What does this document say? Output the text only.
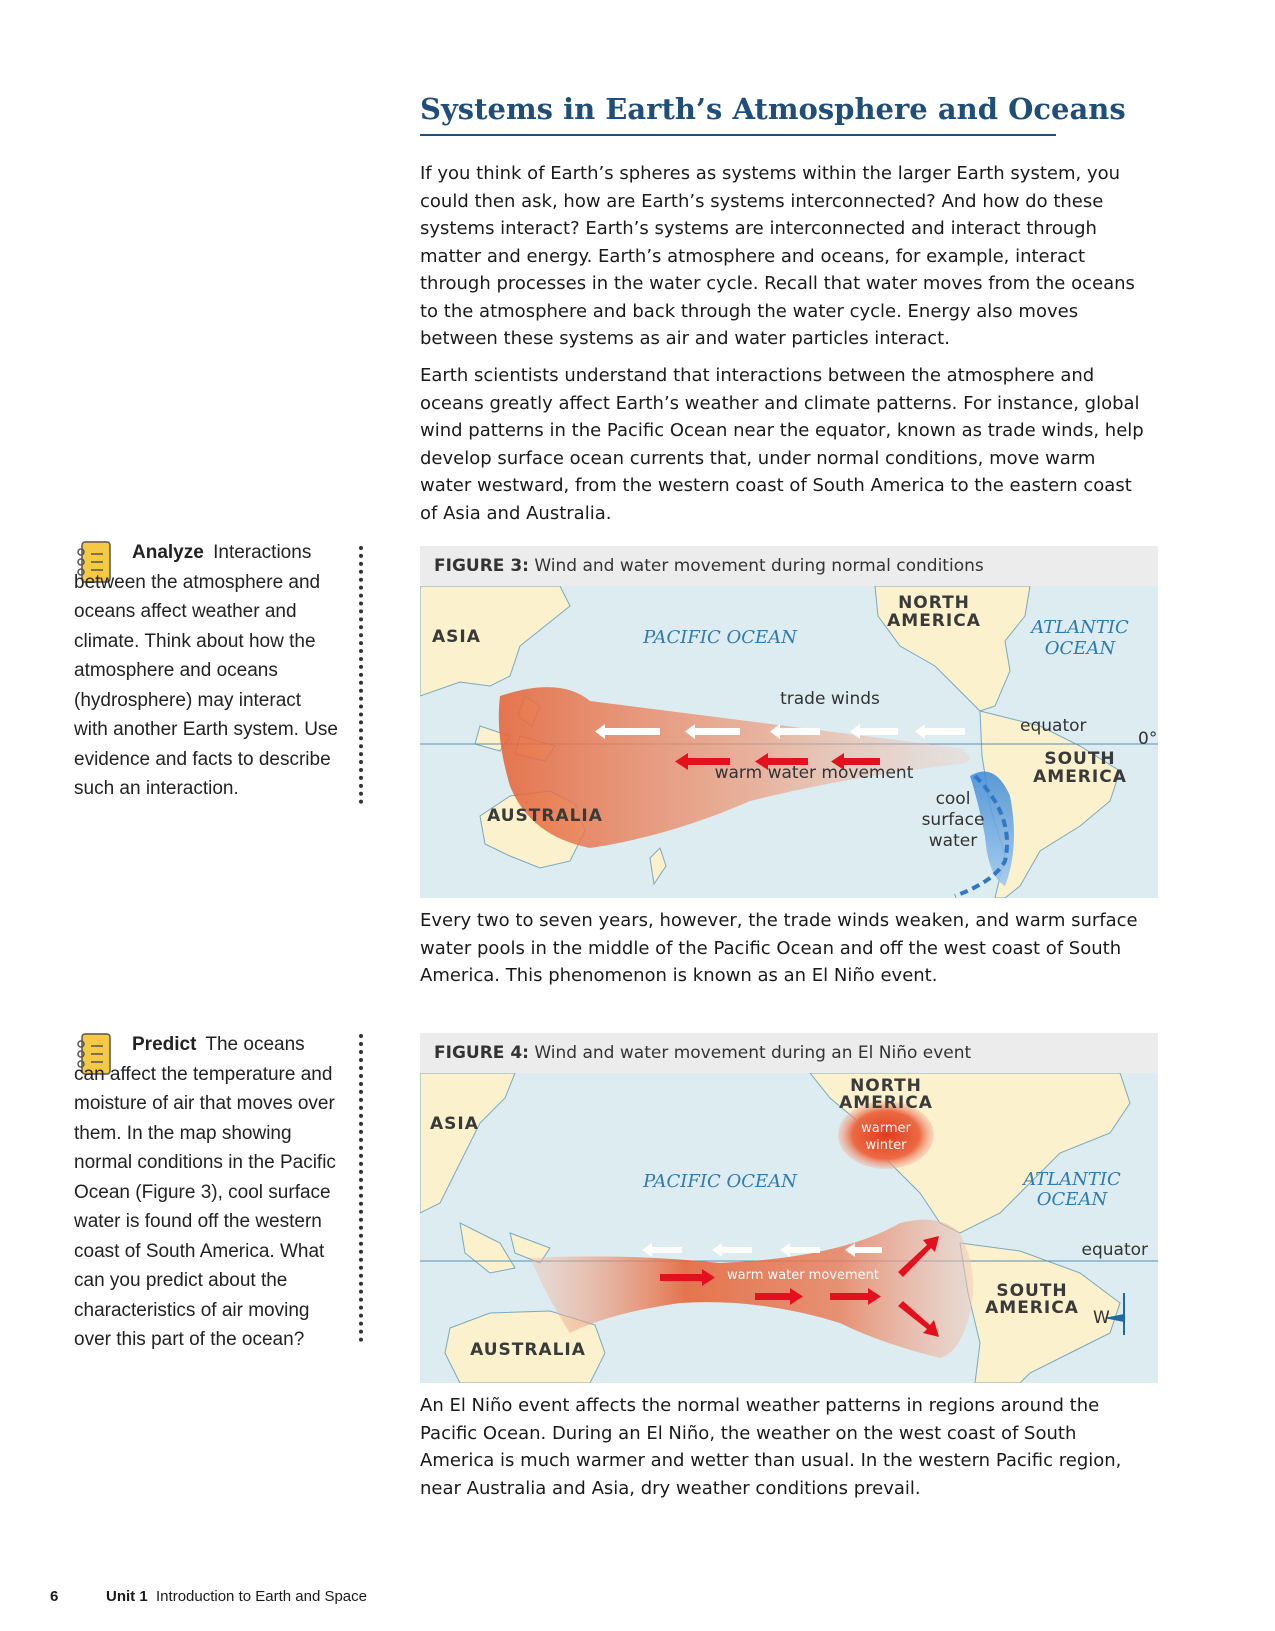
Systems in Earth’s Atmosphere and Oceans

If you think of Earth’s spheres as systems within the larger Earth system, you could then ask, how are Earth’s systems interconnected? And how do these systems interact? Earth’s systems are interconnected and interact through matter and energy. Earth’s atmosphere and oceans, for example, interact through processes in the water cycle. Recall that water moves from the oceans to the atmosphere and back through the water cycle. Energy also moves between these systems as air and water particles interact.

Earth scientists understand that interactions between the atmosphere and oceans greatly affect Earth’s weather and climate patterns. For instance, global wind patterns in the Pacific Ocean near the equator, known as trade winds, help develop surface ocean currents that, under normal conditions, move warm water westward, from the western coast of South America to the eastern coast of Asia and Australia.

Analyze Interactions between the atmosphere and oceans affect weather and climate. Think about how the atmosphere and oceans (hydrosphere) may interact with another Earth system. Use evidence and facts to describe such an interaction.

FIGURE 3: Wind and water movement during normal conditions
ASIA
NORTH
AMERICA
PACIFIC OCEAN	ATLANTIC
OCEAN
trade winds
equator
0°
SOUTH
AMERICA
warm water movement
AUSTRALIA
cool
surface
water

Every two to seven years, however, the trade winds weaken, and warm surface water pools in the middle of the Pacific Ocean and off the west coast of South America. This phenomenon is known as an El Niño event.

Predict The oceans can affect the temperature and moisture of air that moves over them. In the map showing normal conditions in the Pacific Ocean (Figure 3), cool surface water is found off the western coast of South America. What can you predict about the characteristics of air moving over this part of the ocean?

FIGURE 4: Wind and water movement during an El Niño event
ASIA
NORTH
AMERICA
warmer
winter
PACIFIC OCEAN	ATLANTIC
OCEAN
equator
warm water movement
SOUTH
AMERICA
AUSTRALIA
W

An El Niño event affects the normal weather patterns in regions around the Pacific Ocean. During an El Niño, the weather on the west coast of South America is much warmer and wetter than usual. In the western Pacific region, near Australia and Asia, dry weather conditions prevail.

6	Unit 1 Introduction to Earth and Space
